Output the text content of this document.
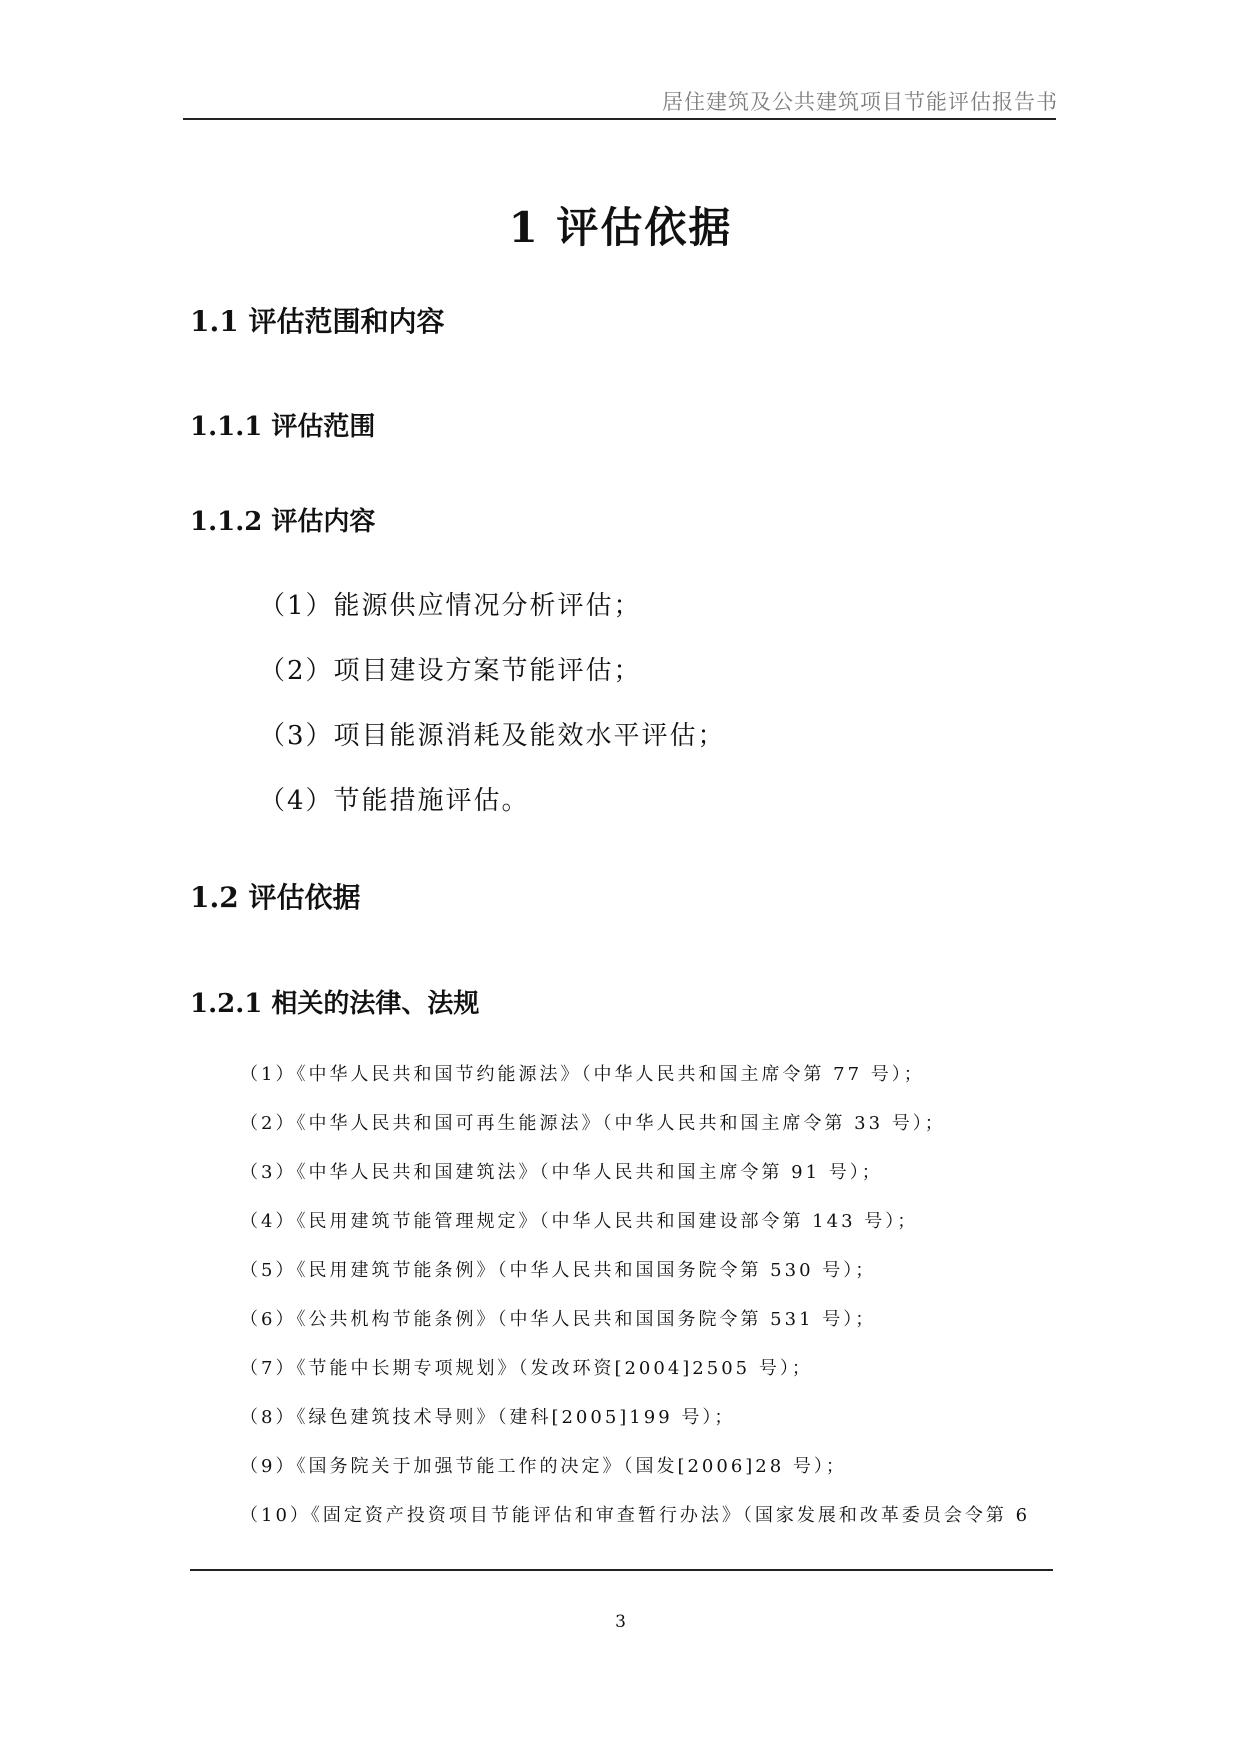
居住建筑及公共建筑项目节能评估报告书
1 评估依据
1.1 评估范围和内容
1.1.1 评估范围
1.1.2 评估内容
（1）能源供应情况分析评估；
（2）项目建设方案节能评估；
（3）项目能源消耗及能效水平评估；
（4）节能措施评估。
1.2 评估依据
1.2.1 相关的法律、法规
（1）《中华人民共和国节约能源法》（中华人民共和国主席令第 77 号）；
（2）《中华人民共和国可再生能源法》（中华人民共和国主席令第 33 号）；
（3）《中华人民共和国建筑法》（中华人民共和国主席令第 91 号）；
（4）《民用建筑节能管理规定》（中华人民共和国建设部令第 143 号）；
（5）《民用建筑节能条例》（中华人民共和国国务院令第 530 号）；
（6）《公共机构节能条例》（中华人民共和国国务院令第 531 号）；
（7）《节能中长期专项规划》（发改环资[2004]2505 号）；
（8）《绿色建筑技术导则》（建科[2005]199 号）；
（9）《国务院关于加强节能工作的决定》（国发[2006]28 号）；
（10）《固定资产投资项目节能评估和审查暂行办法》（国家发展和改革委员会令第 6
3
